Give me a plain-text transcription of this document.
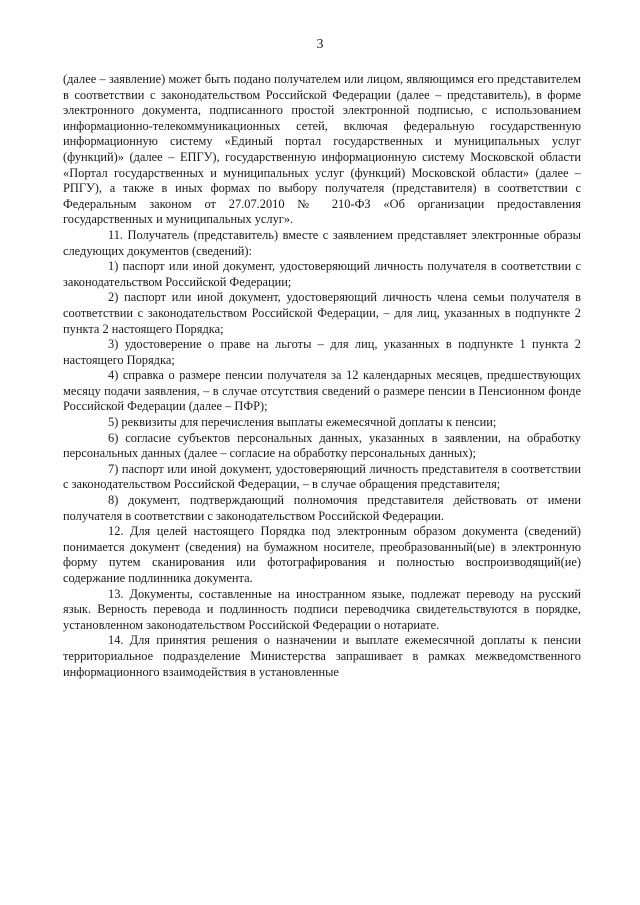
3

(далее – заявление) может быть подано получателем или лицом, являющимся его представителем в соответствии с законодательством Российской Федерации (далее – представитель), в форме электронного документа, подписанного простой электронной подписью, с использованием информационно-телекоммуникационных сетей, включая федеральную государственную информационную систему «Единый портал государственных и муниципальных услуг (функций)» (далее – ЕПГУ), государственную информационную систему Московской области «Портал государственных и муниципальных услуг (функций) Московской области» (далее – РПГУ), а также в иных формах по выбору получателя (представителя) в соответствии с Федеральным законом от 27.07.2010 № 210-ФЗ «Об организации предоставления государственных и муниципальных услуг».

11. Получатель (представитель) вместе с заявлением представляет электронные образы следующих документов (сведений):

1) паспорт или иной документ, удостоверяющий личность получателя в соответствии с законодательством Российской Федерации;

2) паспорт или иной документ, удостоверяющий личность члена семьи получателя в соответствии с законодательством Российской Федерации, – для лиц, указанных в подпункте 2 пункта 2 настоящего Порядка;

3) удостоверение о праве на льготы – для лиц, указанных в подпункте 1 пункта 2 настоящего Порядка;

4) справка о размере пенсии получателя за 12 календарных месяцев, предшествующих месяцу подачи заявления, – в случае отсутствия сведений о размере пенсии в Пенсионном фонде Российской Федерации (далее – ПФР);

5) реквизиты для перечисления выплаты ежемесячной доплаты к пенсии;

6) согласие субъектов персональных данных, указанных в заявлении, на обработку персональных данных (далее – согласие на обработку персональных данных);

7) паспорт или иной документ, удостоверяющий личность представителя в соответствии с законодательством Российской Федерации, – в случае обращения представителя;

8) документ, подтверждающий полномочия представителя действовать от имени получателя в соответствии с законодательством Российской Федерации.

12. Для целей настоящего Порядка под электронным образом документа (сведений) понимается документ (сведения) на бумажном носителе, преобразованный(ые) в электронную форму путем сканирования или фотографирования и полностью воспроизводящий(ие) содержание подлинника документа.

13. Документы, составленные на иностранном языке, подлежат переводу на русский язык. Верность перевода и подлинность подписи переводчика свидетельствуются в порядке, установленном законодательством Российской Федерации о нотариате.

14. Для принятия решения о назначении и выплате ежемесячной доплаты к пенсии территориальное подразделение Министерства запрашивает в рамках межведомственного информационного взаимодействия в установленные
